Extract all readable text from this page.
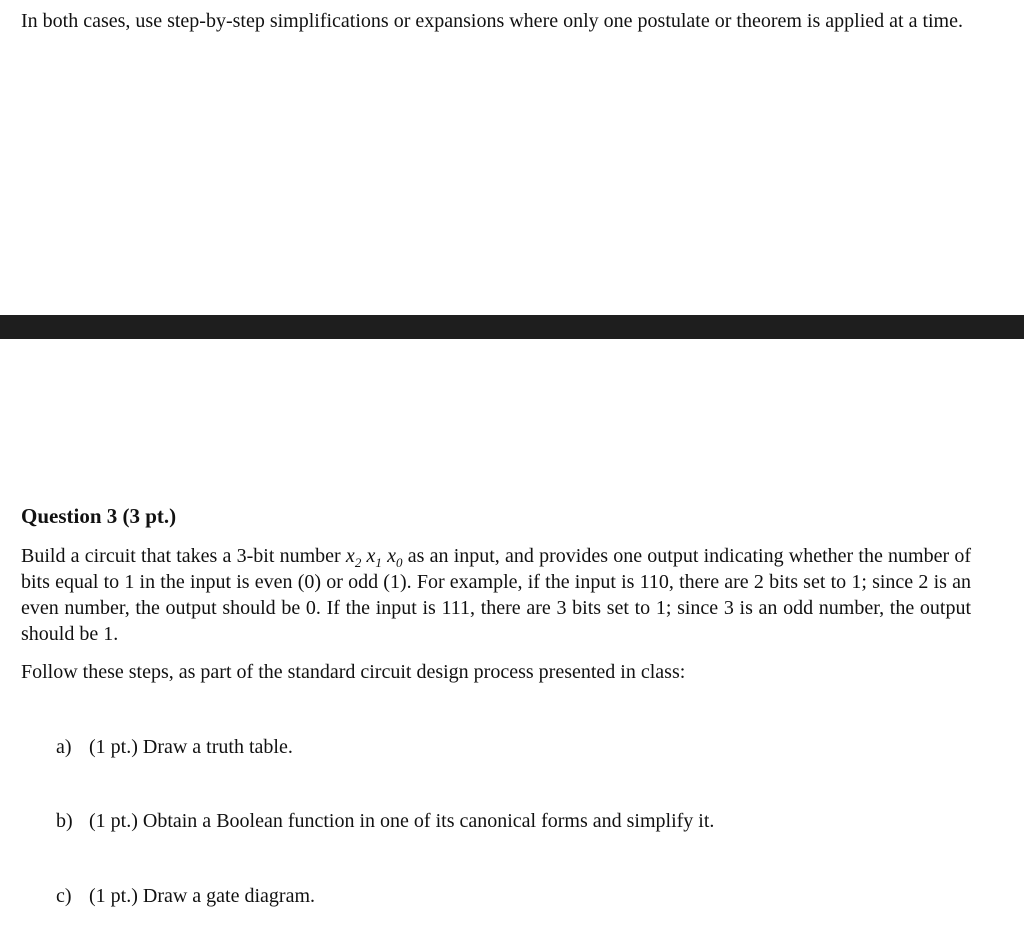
In both cases, use step-by-step simplifications or expansions where only one postulate or theorem is applied at a time.

Question 3 (3 pt.)

Build a circuit that takes a 3-bit number $x_2$ $x_1$ $x_0$ as an input, and provides one output indicating whether the number of bits equal to 1 in the input is even (0) or odd (1). For example, if the input is 110, there are 2 bits set to 1; since 2 is an even number, the output should be 0. If the input is 111, there are 3 bits set to 1; since 3 is an odd number, the output should be 1.

Follow these steps, as part of the standard circuit design process presented in class:

a) (1 pt.) Draw a truth table.
b) (1 pt.) Obtain a Boolean function in one of its canonical forms and simplify it.
c) (1 pt.) Draw a gate diagram.
